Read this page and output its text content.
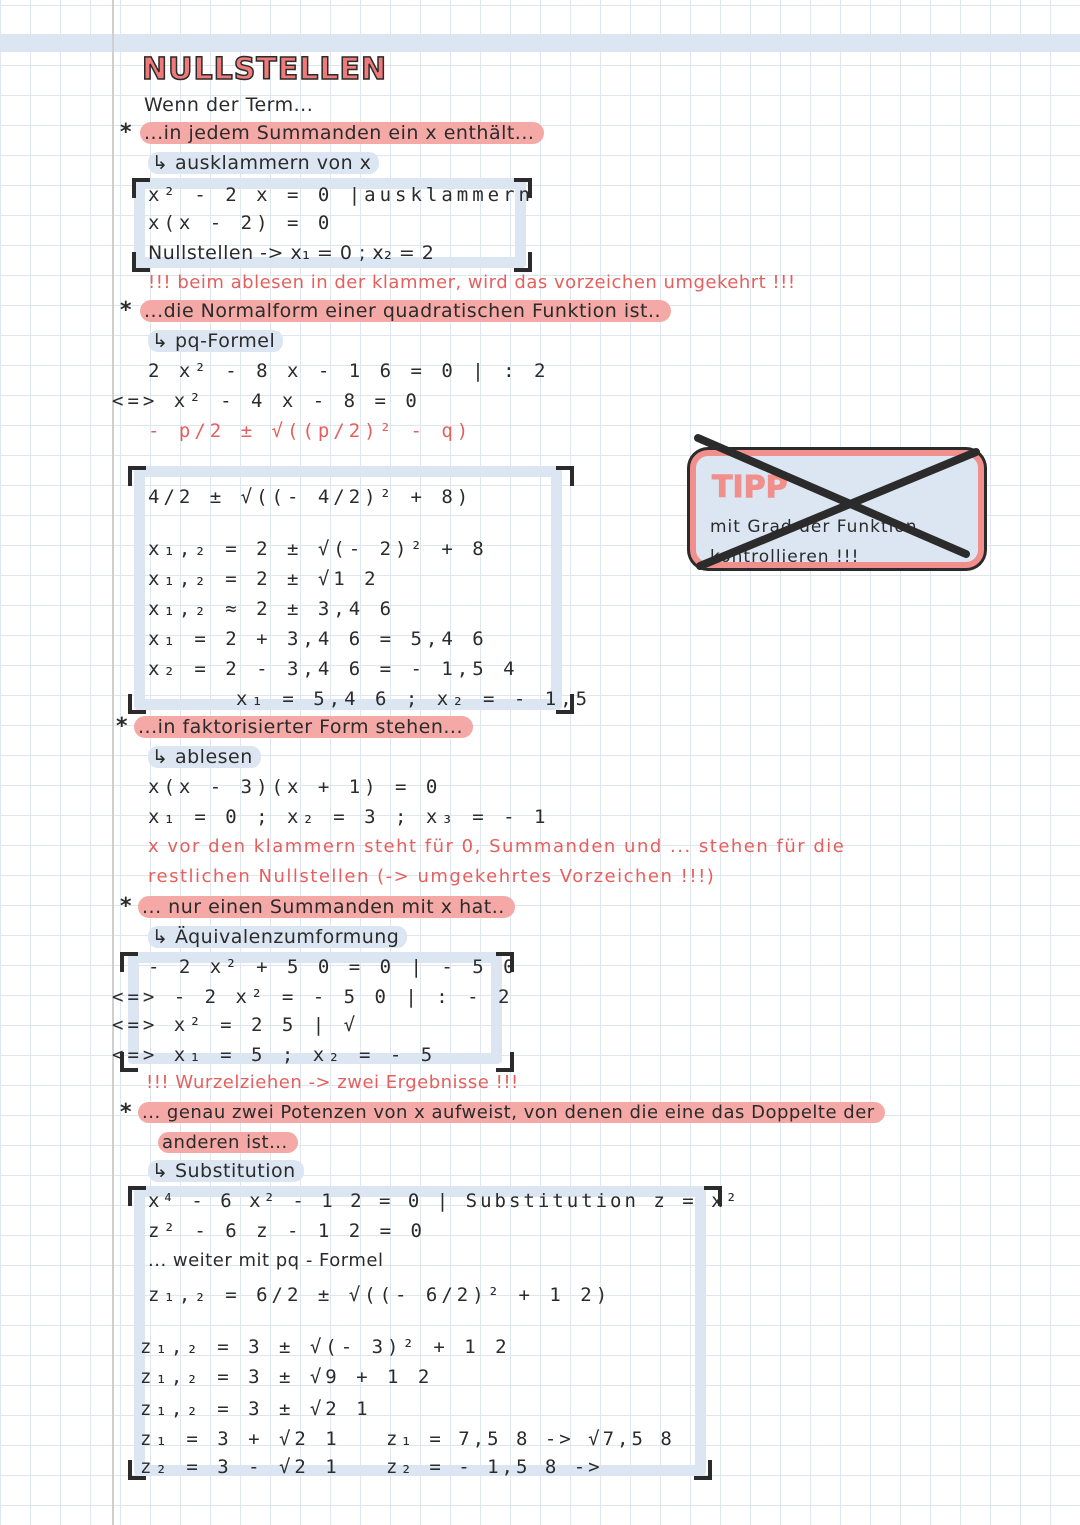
NULLSTELLEN
Wenn der Term...
* ...in jedem Summanden ein x enthält...
↳ ausklammern von x
x² - 2 x = 0 |ausklammern
x(x - 2) = 0
Nullstellen -> x₁ = 0 ; x₂ = 2
!!! beim ablesen in der klammer, wird das vorzeichen umgekehrt !!!
* ...die Normalform einer quadratischen Funktion ist..
↳ pq-Formel
2 x² - 8 x - 1 6 = 0 | : 2
<=> x² - 4 x - 8 = 0
- p/2 ± √((p/2)² - q)
4/2 ± √((- 4/2)² + 8)
x₁,₂ = 2 ± √(- 2)² + 8
x₁,₂ = 2 ± √1 2
x₁,₂ ≈ 2 ± 3,4 6
x₁ = 2 + 3,4 6 = 5,4 6
x₂ = 2 - 3,4 6 = - 1,5 4
x₁ = 5,4 6 ; x₂ = - 1,5
TIPP
mit Grad der Funktion
kontrollieren !!!
* ...in faktorisierter Form stehen...
↳ ablesen
x(x - 3)(x + 1) = 0
x₁ = 0 ; x₂ = 3 ; x₃ = - 1
x vor den klammern steht für 0, Summanden und ... stehen für die
restlichen Nullstellen (-> umgekehrtes Vorzeichen !!!)
* ... nur einen Summanden mit x hat..
↳ Äquivalenzumformung
- 2 x² + 5 0 = 0 | - 5 0
<=> - 2 x² = - 5 0 | : - 2
<=> x² = 2 5 | √
<=> x₁ = 5 ; x₂ = - 5
!!! Wurzelziehen -> zwei Ergebnisse !!!
* ... genau zwei Potenzen von x aufweist, von denen die eine das Doppelte der
anderen ist...
↳ Substitution
x⁴ - 6 x² - 1 2 = 0 | Substitution z = x²
z² - 6 z - 1 2 = 0
... weiter mit pq - Formel
z₁,₂ = 6/2 ± √((- 6/2)² + 1 2)
z₁,₂ = 3 ± √(- 3)² + 1 2
z₁,₂ = 3 ± √9 + 1 2
z₁,₂ = 3 ± √2 1
z₁ = 3 + √2 1 z₁ = 7,5 8 -> √7,5 8
z₂ = 3 - √2 1 z₂ = - 1,5 8 ->
